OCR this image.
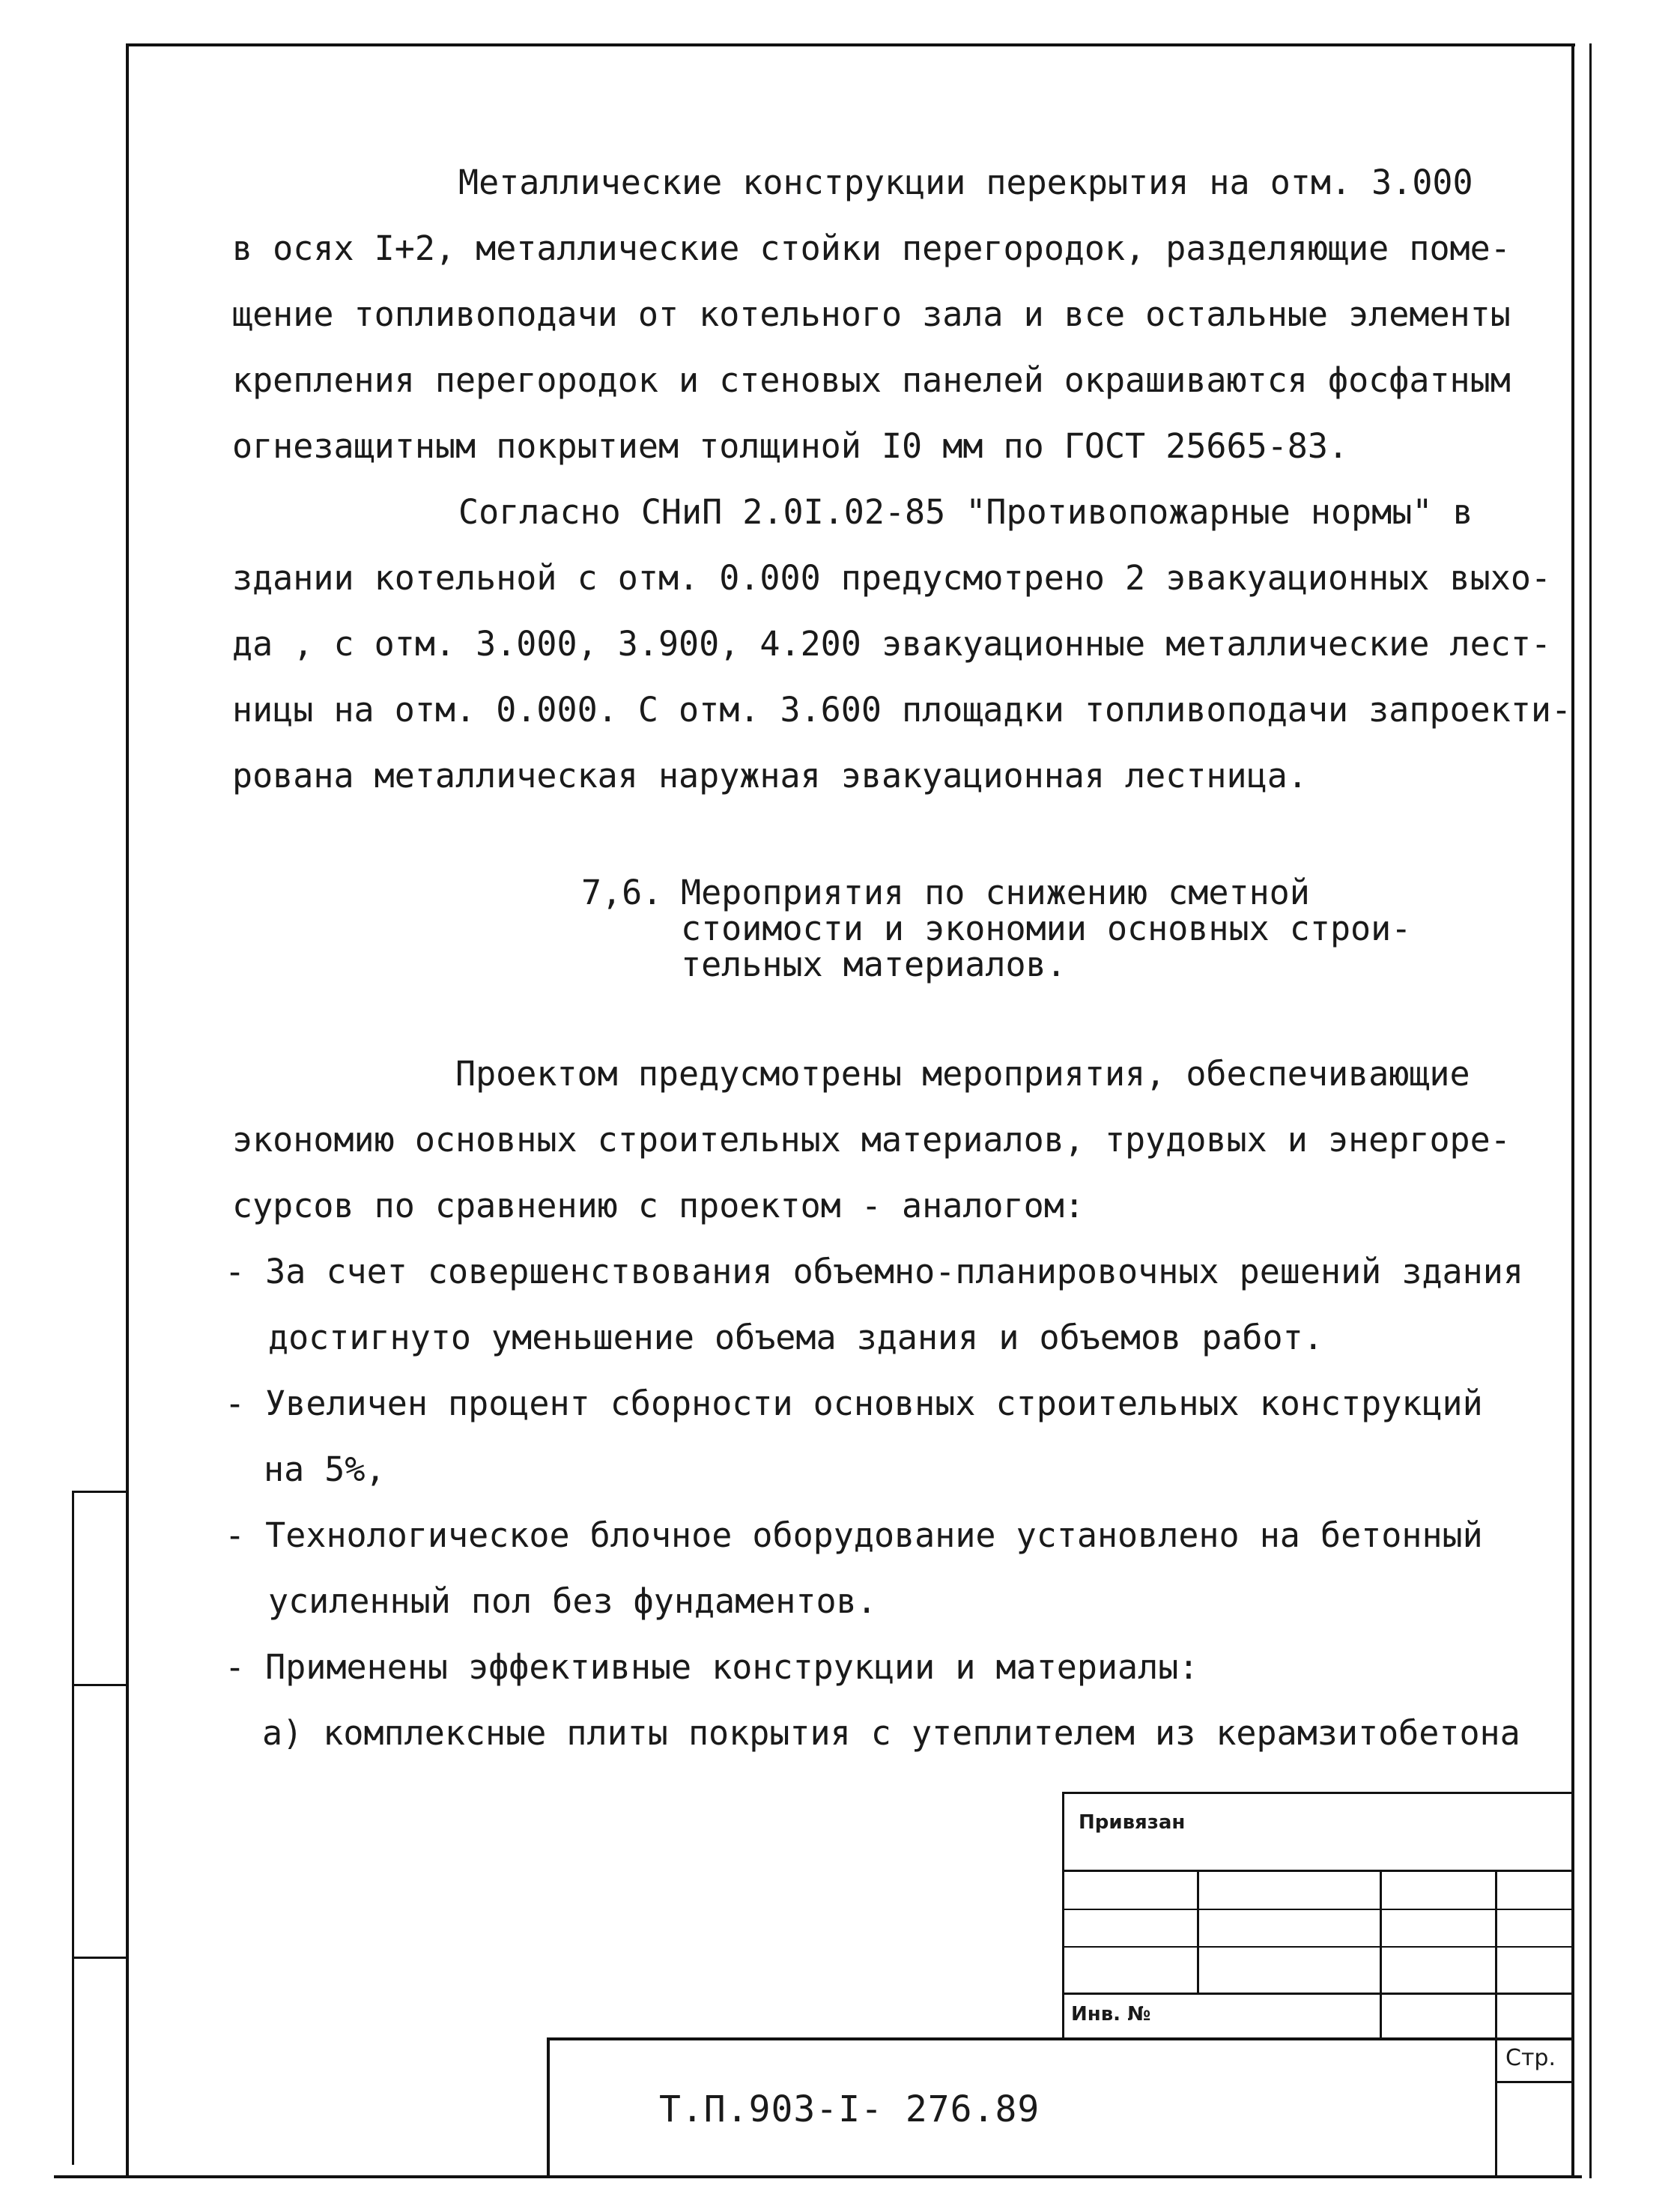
Металлические конструкции перекрытия на отм. 3.000
в осях I+2, металлические стойки перегородок, разделяющие поме-
щение топливоподачи от котельного зала и все остальные элементы
крепления перегородок и стеновых панелей окрашиваются фосфатным
огнезащитным покрытием толщиной I0 мм по ГОСТ 25665-83.
Согласно СНиП 2.0I.02-85 "Противопожарные нормы" в
здании котельной с отм. 0.000 предусмотрено 2 эвакуационных выхо-
да , с отм. 3.000, 3.900, 4.200 эвакуационные металлические лест-
ницы на отм. 0.000. С отм. 3.600 площадки топливоподачи запроекти-
рована металлическая наружная эвакуационная лестница.
7,6. Мероприятия по снижению сметной
стоимости и экономии основных строи-
тельных материалов.
Проектом предусмотрены мероприятия, обеспечивающие
экономию основных строительных материалов, трудовых и энергоре-
сурсов по сравнению с проектом - аналогом:
- За счет совершенствования объемно-планировочных решений здания
достигнуто уменьшение объема здания и объемов работ.
- Увеличен процент сборности основных строительных конструкций
на 5%,
- Технологическое блочное оборудование установлено на бетонный
усиленный пол без фундаментов.
- Применены эффективные конструкции и материалы:
а) комплексные плиты покрытия с утеплителем из керамзитобетона
Привязан
Инв. №
Стр.
Т.П.903-I- 276.89
